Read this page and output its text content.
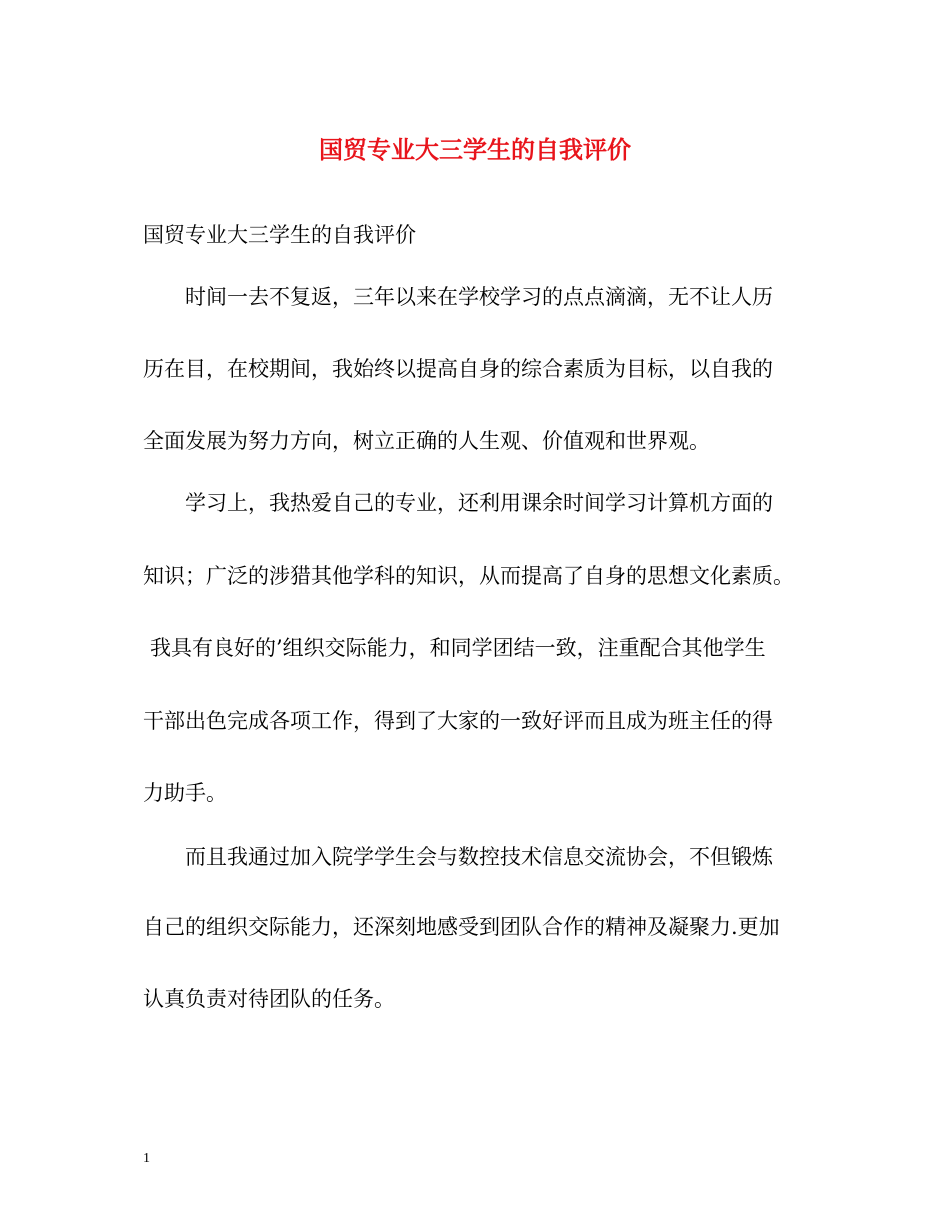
国贸专业大三学生的自我评价
国贸专业大三学生的自我评价
时间一去不复返，三年以来在学校学习的点点滴滴，无不让人历
历在目，在校期间，我始终以提高自身的综合素质为目标，以自我的
全面发展为努力方向，树立正确的人生观、价值观和世界观。
学习上，我热爱自己的专业，还利用课余时间学习计算机方面的
知识；广泛的涉猎其他学科的知识，从而提高了自身的思想文化素质。
我具有良好的’组织交际能力，和同学团结一致，注重配合其他学生
干部出色完成各项工作，得到了大家的一致好评而且成为班主任的得
力助手。
而且我通过加入院学学生会与数控技术信息交流协会，不但锻炼
自己的组织交际能力，还深刻地感受到团队合作的精神及凝聚力.更加
认真负责对待团队的任务。
1
